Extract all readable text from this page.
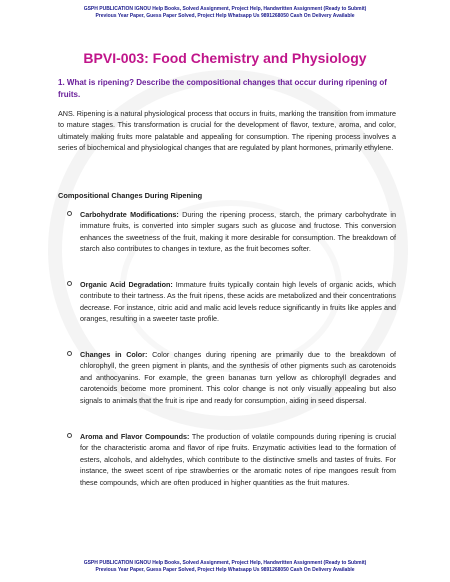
GSPH PUBLICATION IGNOU Help Books, Solved Assignment, Project Help, Handwritten Assignment (Ready to Submit)
Previous Year Paper, Guess Paper Solved, Project Help Whatsapp Us 9891268050 Cash On Delivery Available
BPVI-003: Food Chemistry and Physiology
1. What is ripening? Describe the compositional changes that occur during ripening of fruits.

ANS. Ripening is a natural physiological process that occurs in fruits, marking the transition from immature to mature stages. This transformation is crucial for the development of flavor, texture, aroma, and color, ultimately making fruits more palatable and appealing for consumption. The ripening process involves a series of biochemical and physiological changes that are regulated by plant hormones, primarily ethylene.

Compositional Changes During Ripening

Carbohydrate Modifications: During the ripening process, starch, the primary carbohydrate in immature fruits, is converted into simpler sugars such as glucose and fructose. This conversion enhances the sweetness of the fruit, making it more desirable for consumption. The breakdown of starch also contributes to changes in texture, as the fruit becomes softer.

Organic Acid Degradation: Immature fruits typically contain high levels of organic acids, which contribute to their tartness. As the fruit ripens, these acids are metabolized and their concentrations decrease. For instance, citric acid and malic acid levels reduce significantly in fruits like apples and oranges, resulting in a sweeter taste profile.

Changes in Color: Color changes during ripening are primarily due to the breakdown of chlorophyll, the green pigment in plants, and the synthesis of other pigments such as carotenoids and anthocyanins. For example, the green bananas turn yellow as chlorophyll degrades and carotenoids become more prominent. This color change is not only visually appealing but also signals to animals that the fruit is ripe and ready for consumption, aiding in seed dispersal.

Aroma and Flavor Compounds: The production of volatile compounds during ripening is crucial for the characteristic aroma and flavor of ripe fruits. Enzymatic activities lead to the formation of esters, alcohols, and aldehydes, which contribute to the distinctive smells and tastes of fruits. For instance, the sweet scent of ripe strawberries or the aromatic notes of ripe mangoes result from these compounds, which are often produced in higher quantities as the fruit matures.

GSPH PUBLICATION IGNOU Help Books, Solved Assignment, Project Help, Handwritten Assignment (Ready to Submit)
Previous Year Paper, Guess Paper Solved, Project Help Whatsapp Us 9891268050 Cash On Delivery Available
